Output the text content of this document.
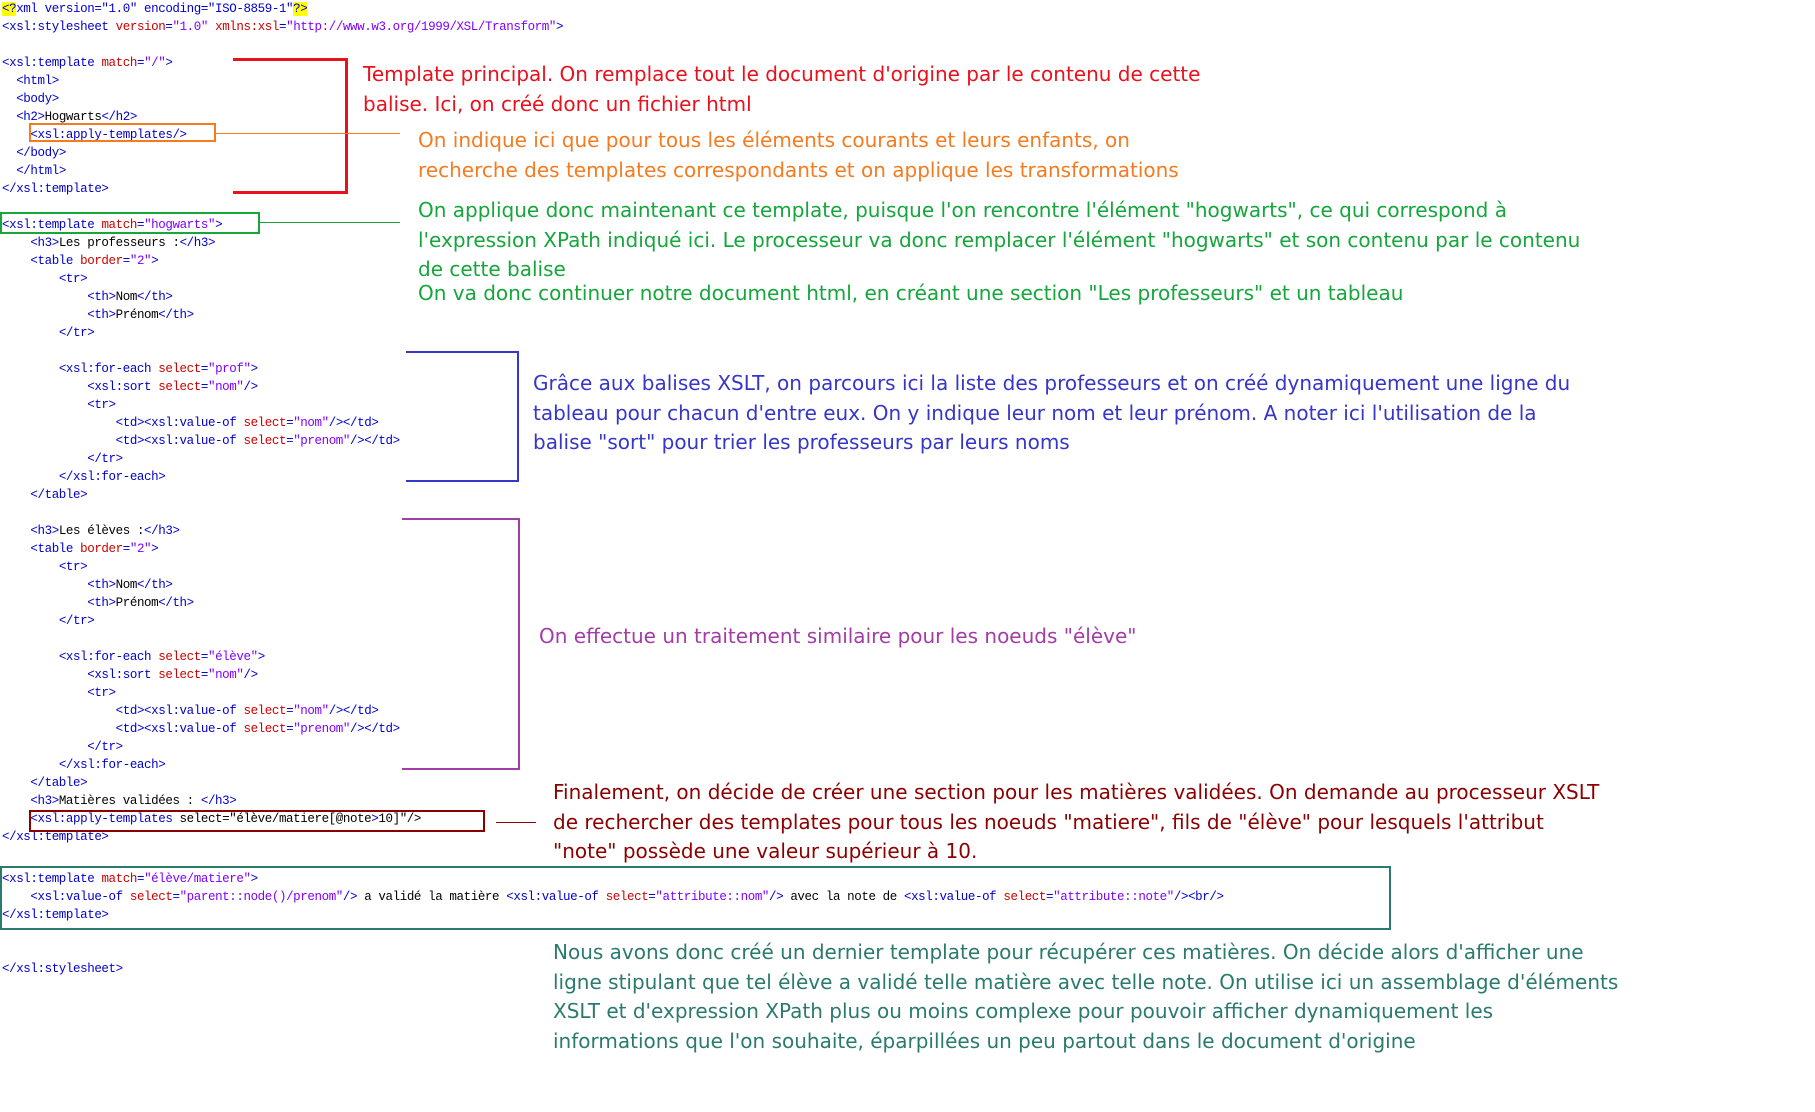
<?xml version="1.0" encoding="ISO-8859-1"?>
<xsl:stylesheet version="1.0" xmlns:xsl="http://www.w3.org/1999/XSL/Transform">
<xsl:template match="/">
<html>
<body>
<h2>Hogwarts</h2>
<xsl:apply-templates/>
</body>
</html>
</xsl:template>
<xsl:template match="hogwarts">
<h3>Les professeurs :</h3>
<table border="2">
<tr>
<th>Nom</th>
<th>Prénom</th>
</tr>

<xsl:for-each select="prof">
<xsl:sort select="nom"/>
<tr>
<td><xsl:value-of select="nom"/></td>
<td><xsl:value-of select="prenom"/></td>
</tr>
</xsl:for-each>
</table>

<h3>Les élèves :</h3>
<table border="2">
<tr>
<th>Nom</th>
<th>Prénom</th>
</tr>

<xsl:for-each select="élève">
<xsl:sort select="nom"/>
<tr>
<td><xsl:value-of select="nom"/></td>
<td><xsl:value-of select="prenom"/></td>
</tr>
</xsl:for-each>
</table>
<h3>Matières validées : </h3>
<xsl:apply-templates select="élève/matiere[@note>10]"/>
</xsl:template>
<xsl:template match="élève/matiere">
<xsl:value-of select="parent::node()/prenom"/> a validé la matière <xsl:value-of select="attribute::nom"/> avec la note de <xsl:value-of select="attribute::note"/><br/>
</xsl:template>
</xsl:stylesheet>
Template principal. On remplace tout le document d'origine par le contenu de cette
balise. Ici, on créé donc un fichier html
On indique ici que pour tous les éléments courants et leurs enfants, on
recherche des templates correspondants et on applique les transformations
On applique donc maintenant ce template, puisque l'on rencontre l'élément "hogwarts", ce qui correspond à
l'expression XPath indiqué ici. Le processeur va donc remplacer l'élément "hogwarts" et son contenu par le contenu
de cette balise
On va donc continuer notre document html, en créant une section "Les professeurs" et un tableau
Grâce aux balises XSLT, on parcours ici la liste des professeurs et on créé dynamiquement une ligne du
tableau pour chacun d'entre eux. On y indique leur nom et leur prénom. A noter ici l'utilisation de la
balise "sort" pour trier les professeurs par leurs noms
On effectue un traitement similaire pour les noeuds "élève"
Finalement, on décide de créer une section pour les matières validées. On demande au processeur XSLT
de rechercher des templates pour tous les noeuds "matiere", fils de "élève" pour lesquels l'attribut
"note" possède une valeur supérieur à 10.
Nous avons donc créé un dernier template pour récupérer ces matières. On décide alors d'afficher une
ligne stipulant que tel élève a validé telle matière avec telle note. On utilise ici un assemblage d'éléments
XSLT et d'expression XPath plus ou moins complexe pour pouvoir afficher dynamiquement les
informations que l'on souhaite, éparpillées un peu partout dans le document d'origine
